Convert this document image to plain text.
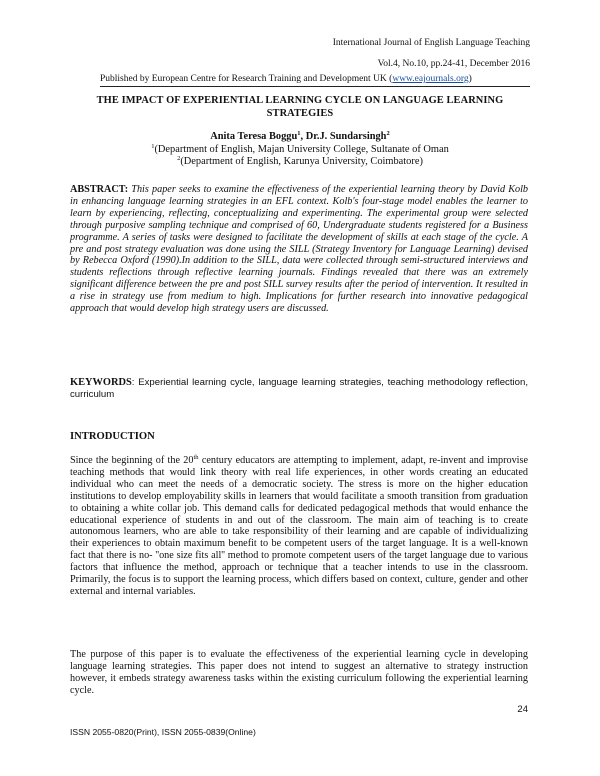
International Journal of English Language Teaching
Vol.4, No.10, pp.24-41, December 2016
Published by European Centre for Research Training and Development UK (www.eajournals.org)
THE IMPACT OF EXPERIENTIAL LEARNING CYCLE ON LANGUAGE LEARNING STRATEGIES
Anita Teresa Boggu$^1$, Dr.J. Sundarsingh$^2$
$^1$(Department of English, Majan University College, Sultanate of Oman
$^2$(Department of English, Karunya University, Coimbatore)
ABSTRACT: This paper seeks to examine the effectiveness of the experiential learning theory by David Kolb in enhancing language learning strategies in an EFL context. Kolb's four-stage model enables the learner to learn by experiencing, reflecting, conceptualizing and experimenting. The experimental group were selected through purposive sampling technique and comprised of 60, Undergraduate students registered for a Business programme. A series of tasks were designed to facilitate the development of skills at each stage of the cycle. A pre and post strategy evaluation was done using the SILL (Strategy Inventory for Language Learning) devised by Rebecca Oxford (1990).In addition to the SILL, data were collected through semi-structured interviews and students reflections through reflective learning journals. Findings revealed that there was an extremely significant difference between the pre and post SILL survey results after the period of intervention. It resulted in a rise in strategy use from medium to high. Implications for further research into innovative pedagogical approach that would develop high strategy users are discussed.
KEYWORDS: Experiential learning cycle, language learning strategies, teaching methodology reflection, curriculum
INTRODUCTION
Since the beginning of the 20th century educators are attempting to implement, adapt, re-invent and improvise teaching methods that would link theory with real life experiences, in other words creating an educated individual who can meet the needs of a democratic society. The stress is more on the higher education institutions to develop employability skills in learners that would facilitate a smooth transition from graduation to obtaining a white collar job. This demand calls for dedicated pedagogical methods that would enhance the educational experience of students in and out of the classroom. The main aim of teaching is to create autonomous learners, who are able to take responsibility of their learning and are capable of individualizing their experiences to obtain maximum benefit to be competent users of the target language. It is a well-known fact that there is no- ''one size fits all'' method to promote competent users of the target language due to various factors that influence the method, approach or technique that a teacher intends to use in the classroom. Primarily, the focus is to support the learning process, which differs based on context, culture, gender and other external and internal variables.
The purpose of this paper is to evaluate the effectiveness of the experiential learning cycle in developing language learning strategies. This paper does not intend to suggest an alternative to strategy instruction however, it embeds strategy awareness tasks within the existing curriculum following the experiential learning cycle.
24
ISSN 2055-0820(Print), ISSN 2055-0839(Online)
